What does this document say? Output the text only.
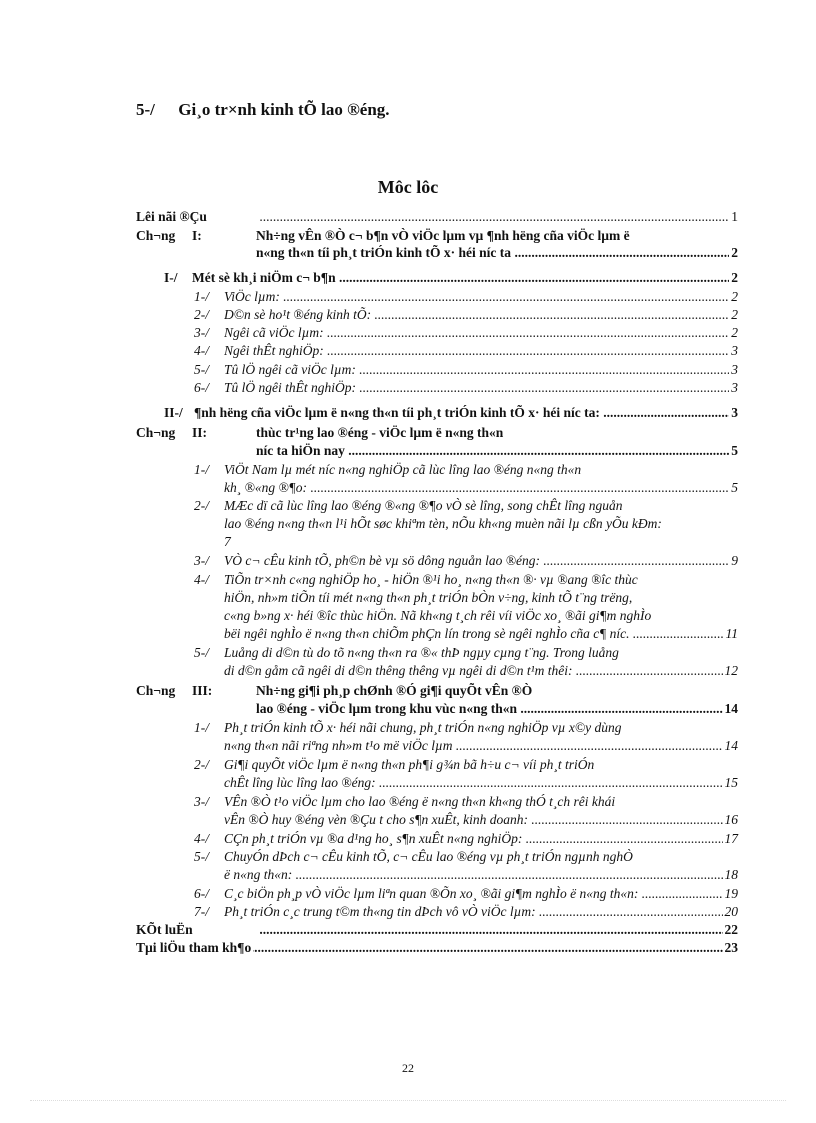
5-/ Gi¸o tr×nh kinh tÕ lao ®éng.
Môc lôc
Lêi nãi ®Çu .....	1
Ch¬ng I:	Nh÷ng vÊn ®Ò c¬ b¶n vÒ viÖc lµm vµ ¶nh hëng cña viÖc lµm ë
n«ng th«n tíi ph¸t triÓn kinh tÕ x· héi níc ta .....	2
I-/ Mét sè kh¸i niÖm c¬ b¶n .....	2
1-/ ViÖc lµm: .....	2
2-/ D©n sè ho¹t ®éng kinh tÕ: .....	2
3-/ Ngêi cã viÖc lµm: .....	2
4-/ Ngêi thÊt nghiÖp: .....	3
5-/ Tû lÖ ngêi cã viÖc lµm: .....	3
6-/ Tû lÖ ngêi thÊt nghiÖp: .....	3
II-/ ¶nh hëng cña viÖc lµm ë n«ng th«n tíi ph¸t triÓn kinh tÕ x· héi níc ta: .....	3
Ch¬ng II:	thùc tr¹ng lao ®éng - viÖc lµm ë n«ng th«n
níc ta hiÖn nay .....	5
1-/ ViÖt Nam lµ mét níc n«ng nghiÖp cã lùc lîng lao ®éng n«ng th«n
kh¸ ®«ng ®¶o: .....	5
2-/ MÆc dï cã lùc lîng lao ®éng ®«ng ®¶o vÒ sè lîng, song chÊt lîng nguån
lao ®éng n«ng th«n l¹i hÕt søc khiªm tèn, nÕu kh«ng muèn nãi lµ cßn yÕu kÐm:
7
3-/ VÒ c¬ cÊu kinh tÕ, ph©n bè vµ sö dông nguån lao ®éng: .....	9
4-/ TiÕn tr×nh c«ng nghiÖp ho¸ - hiÖn ®¹i ho¸ n«ng th«n ®· vµ ®ang ®îc thùc
hiÖn, nh»m tiÕn tíi mét n«ng th«n ph¸t triÓn bÒn v÷ng, kinh tÕ t¨ng trëng,
c«ng b»ng x· héi ®îc thùc hiÖn. Nã kh«ng t¸ch rêi víi viÖc xo¸ ®ãi gi¶m nghÌo
bëi ngêi nghÌo ë n«ng th«n chiÕm phÇn lín trong sè ngêi nghÌo cña c¶ níc. .....	11
5-/ Luång di d©n tù do tõ n«ng th«n ra ®« thÞ ngµy cµng t¨ng. Trong luång
di d©n gåm cã ngêi di d©n thêng thêng vµ ngêi di d©n t¹m thêi: .....	12
Ch¬ng III:	Nh÷ng gi¶i ph¸p chØnh ®Ó gi¶i quyÕt vÊn ®Ò
lao ®éng - viÖc lµm trong khu vùc n«ng th«n .....	14
1-/ Ph¸t triÓn kinh tÕ x· héi nãi chung, ph¸t triÓn n«ng nghiÖp vµ x©y dùng
n«ng th«n nãi riªng nh»m t¹o më viÖc lµm .....	14
2-/ Gi¶i quyÕt viÖc lµm ë n«ng th«n ph¶i g¾n bã h÷u c¬ víi ph¸t triÓn
chÊt lîng lùc lîng lao ®éng: .....	15
3-/ VÊn ®Ò t¹o viÖc lµm cho lao ®éng ë n«ng th«n kh«ng thÓ t¸ch rêi khái
vÊn ®Ò huy ®éng vèn ®Çu t cho s¶n xuÊt, kinh doanh: .....	16
4-/ CÇn ph¸t triÓn vµ ®a d¹ng ho¸ s¶n xuÊt n«ng nghiÖp: .....	17
5-/ ChuyÓn dÞch c¬ cÊu kinh tÕ, c¬ cÊu lao ®éng vµ ph¸t triÓn ngµnh nghÒ
ë n«ng th«n: .....	18
6-/ C¸c biÖn ph¸p vÒ viÖc lµm liªn quan ®Õn xo¸ ®ãi gi¶m nghÌo ë n«ng th«n: .....	19
7-/ Ph¸t triÓn c¸c trung t©m th«ng tin dÞch vô vÒ viÖc lµm: .....	20
KÕt luËn .....	22
Tµi liÖu tham kh¶o .....	23
22
